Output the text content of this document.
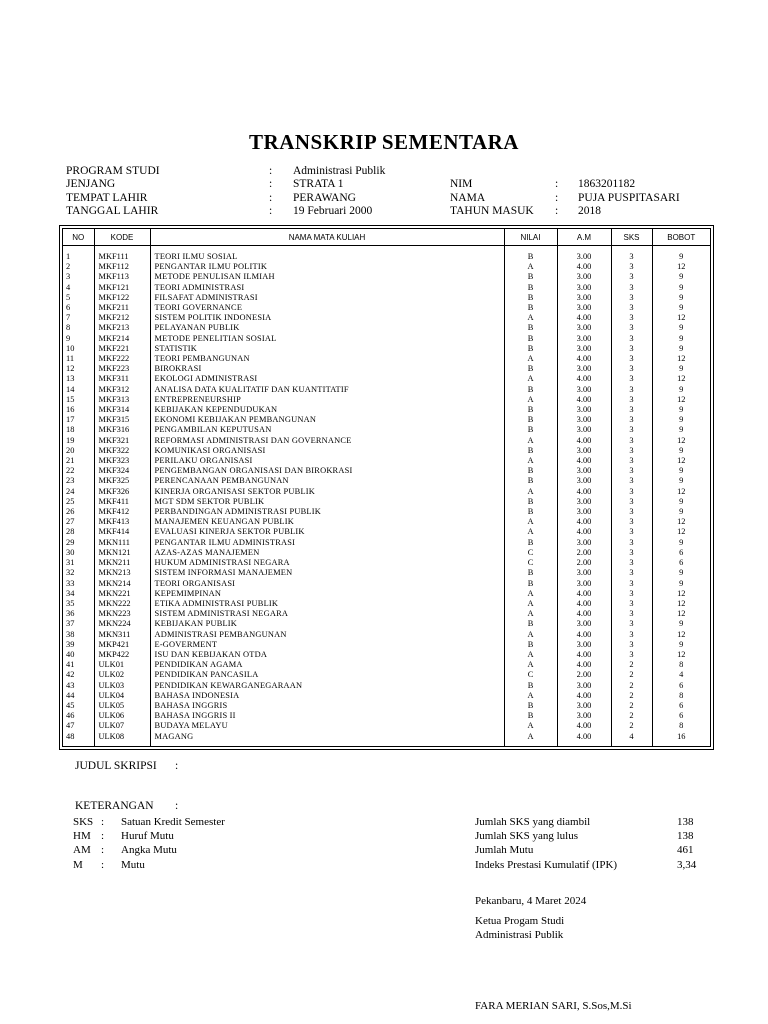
TRANSKRIP SEMENTARA
PROGRAM STUDI	: Administrasi Publik
JENJANG	: STRATA 1	NIM	: 1863201182
TEMPAT LAHIR	: PERAWANG	NAMA	: PUJA PUSPITASARI
TANGGAL LAHIR	: 19 Februari 2000	TAHUN MASUK : 2018
NO	KODE	NAMA MATA KULIAH	NILAI	A.M	SKS	BOBOT
1	MKF111	TEORI ILMU SOSIAL	B	3.00	3	9
2	MKF112	PENGANTAR ILMU POLITIK	A	4.00	3	12
3	MKF113	METODE PENULISAN ILMIAH	B	3.00	3	9
4	MKF121	TEORI ADMINISTRASI	B	3.00	3	9
5	MKF122	FILSAFAT ADMINISTRASI	B	3.00	3	9
6	MKF211	TEORI GOVERNANCE	B	3.00	3	9
7	MKF212	SISTEM POLITIK INDONESIA	A	4.00	3	12
8	MKF213	PELAYANAN PUBLIK	B	3.00	3	9
9	MKF214	METODE PENELITIAN SOSIAL	B	3.00	3	9
10	MKF221	STATISTIK	B	3.00	3	9
11	MKF222	TEORI PEMBANGUNAN	A	4.00	3	12
12	MKF223	BIROKRASI	B	3.00	3	9
13	MKF311	EKOLOGI ADMINISTRASI	A	4.00	3	12
14	MKF312	ANALISA DATA KUALITATIF DAN KUANTITATIF	B	3.00	3	9
15	MKF313	ENTREPRENEURSHIP	A	4.00	3	12
16	MKF314	KEBIJAKAN KEPENDUDUKAN	B	3.00	3	9
17	MKF315	EKONOMI KEBIJAKAN PEMBANGUNAN	B	3.00	3	9
18	MKF316	PENGAMBILAN KEPUTUSAN	B	3.00	3	9
19	MKF321	REFORMASI ADMINISTRASI DAN GOVERNANCE	A	4.00	3	12
20	MKF322	KOMUNIKASI ORGANISASI	B	3.00	3	9
21	MKF323	PERILAKU ORGANISASI	A	4.00	3	12
22	MKF324	PENGEMBANGAN ORGANISASI DAN BIROKRASI	B	3.00	3	9
23	MKF325	PERENCANAAN PEMBANGUNAN	B	3.00	3	9
24	MKF326	KINERJA ORGANISASI SEKTOR PUBLIK	A	4.00	3	12
25	MKF411	MGT SDM SEKTOR PUBLIK	B	3.00	3	9
26	MKF412	PERBANDINGAN ADMINISTRASI PUBLIK	B	3.00	3	9
27	MKF413	MANAJEMEN KEUANGAN PUBLIK	A	4.00	3	12
28	MKF414	EVALUASI KINERJA SEKTOR PUBLIK	A	4.00	3	12
29	MKN111	PENGANTAR ILMU ADMINISTRASI	B	3.00	3	9
30	MKN121	AZAS-AZAS MANAJEMEN	C	2.00	3	6
31	MKN211	HUKUM ADMINISTRASI NEGARA	C	2.00	3	6
32	MKN213	SISTEM INFORMASI MANAJEMEN	B	3.00	3	9
33	MKN214	TEORI ORGANISASI	B	3.00	3	9
34	MKN221	KEPEMIMPINAN	A	4.00	3	12
35	MKN222	ETIKA ADMINISTRASI PUBLIK	A	4.00	3	12
36	MKN223	SISTEM ADMINISTRASI NEGARA	A	4.00	3	12
37	MKN224	KEBIJAKAN PUBLIK	B	3.00	3	9
38	MKN311	ADMINISTRASI PEMBANGUNAN	A	4.00	3	12
39	MKP421	E-GOVERMENT	B	3.00	3	9
40	MKP422	ISU DAN KEBIJAKAN OTDA	A	4.00	3	12
41	ULK01	PENDIDIKAN AGAMA	A	4.00	2	8
42	ULK02	PENDIDIKAN PANCASILA	C	2.00	2	4
43	ULK03	PENDIDIKAN KEWARGANEGARAAN	B	3.00	2	6
44	ULK04	BAHASA INDONESIA	A	4.00	2	8
45	ULK05	BAHASA INGGRIS	B	3.00	2	6
46	ULK06	BAHASA INGGRIS II	B	3.00	2	6
47	ULK07	BUDAYA MELAYU	A	4.00	2	8
48	ULK08	MAGANG	A	4.00	4	16

JUDUL SKRIPSI :
KETERANGAN :
SKS : Satuan Kredit Semester
HM : Huruf Mutu
AM : Angka Mutu
M : Mutu
Jumlah SKS yang diambil	138
Jumlah SKS yang lulus	138
Jumlah Mutu	461
Indeks Prestasi Kumulatif (IPK)	3,34
Pekanbaru, 4 Maret 2024
Ketua Progam Studi
Administrasi Publik
FARA MERIAN SARI, S.Sos,M.Si
